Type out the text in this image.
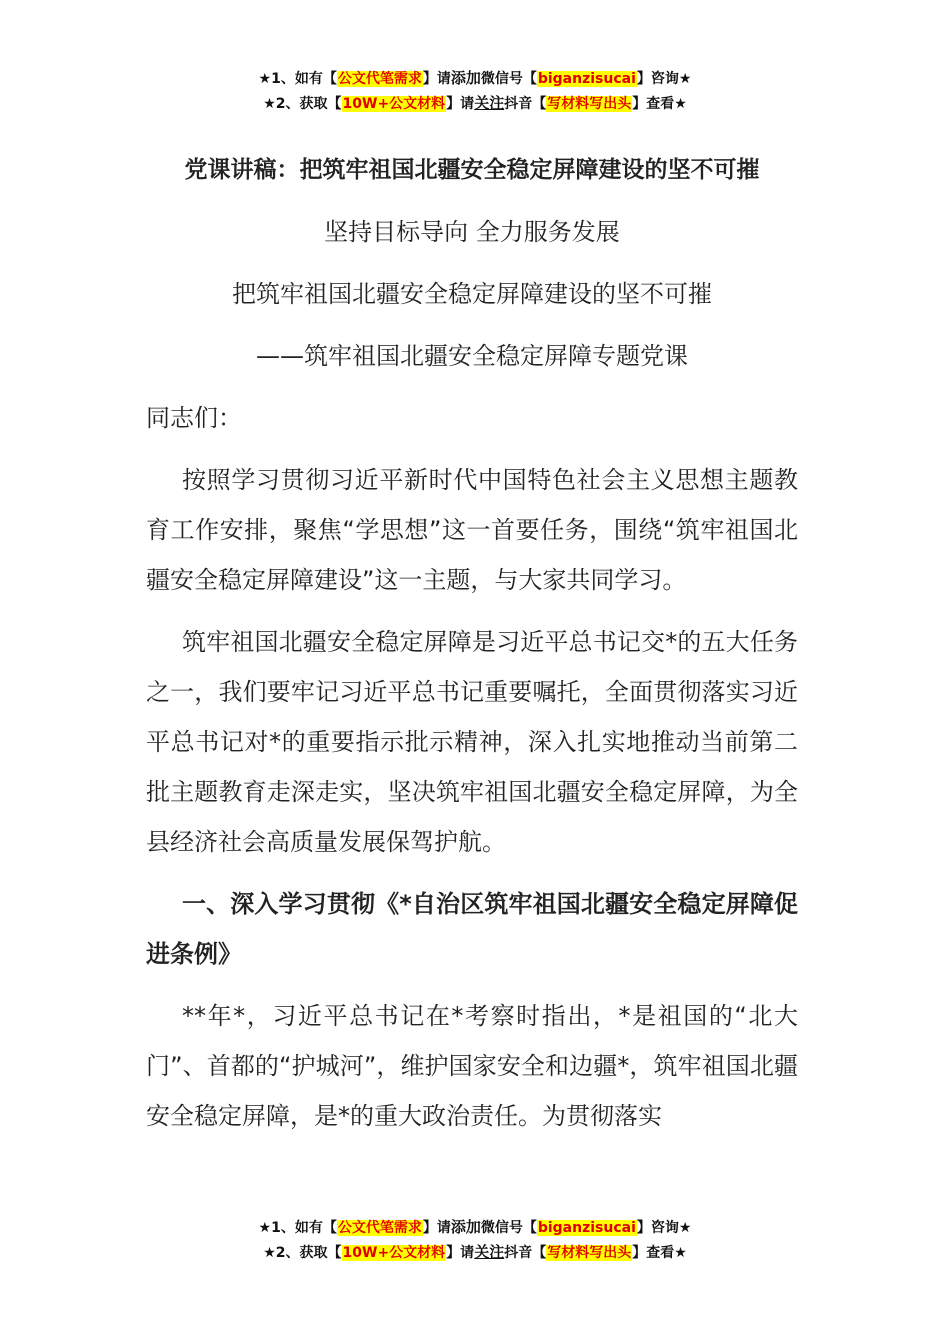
★1、如有【公文代笔需求】请添加微信号【biganzisucai】咨询★
★2、获取【10W+公文材料】请关注抖音【写材料写出头】查看★
党课讲稿：把筑牢祖国北疆安全稳定屏障建设的坚不可摧
坚持目标导向 全力服务发展
把筑牢祖国北疆安全稳定屏障建设的坚不可摧
——筑牢祖国北疆安全稳定屏障专题党课
同志们：

按照学习贯彻习近平新时代中国特色社会主义思想主题教育工作安排，聚焦“学思想”这一首要任务，围绕“筑牢祖国北疆安全稳定屏障建设”这一主题，与大家共同学习。

筑牢祖国北疆安全稳定屏障是习近平总书记交*的五大任务之一，我们要牢记习近平总书记重要嘱托，全面贯彻落实习近平总书记对*的重要指示批示精神，深入扎实地推动当前第二批主题教育走深走实，坚决筑牢祖国北疆安全稳定屏障，为全县经济社会高质量发展保驾护航。

一、深入学习贯彻《*自治区筑牢祖国北疆安全稳定屏障促进条例》

**年*，习近平总书记在*考察时指出，*是祖国的“北大门”、首都的“护城河”，维护国家安全和边疆*，筑牢祖国北疆安全稳定屏障，是*的重大政治责任。为贯彻落实

★1、如有【公文代笔需求】请添加微信号【biganzisucai】咨询★
★2、获取【10W+公文材料】请关注抖音【写材料写出头】查看★
